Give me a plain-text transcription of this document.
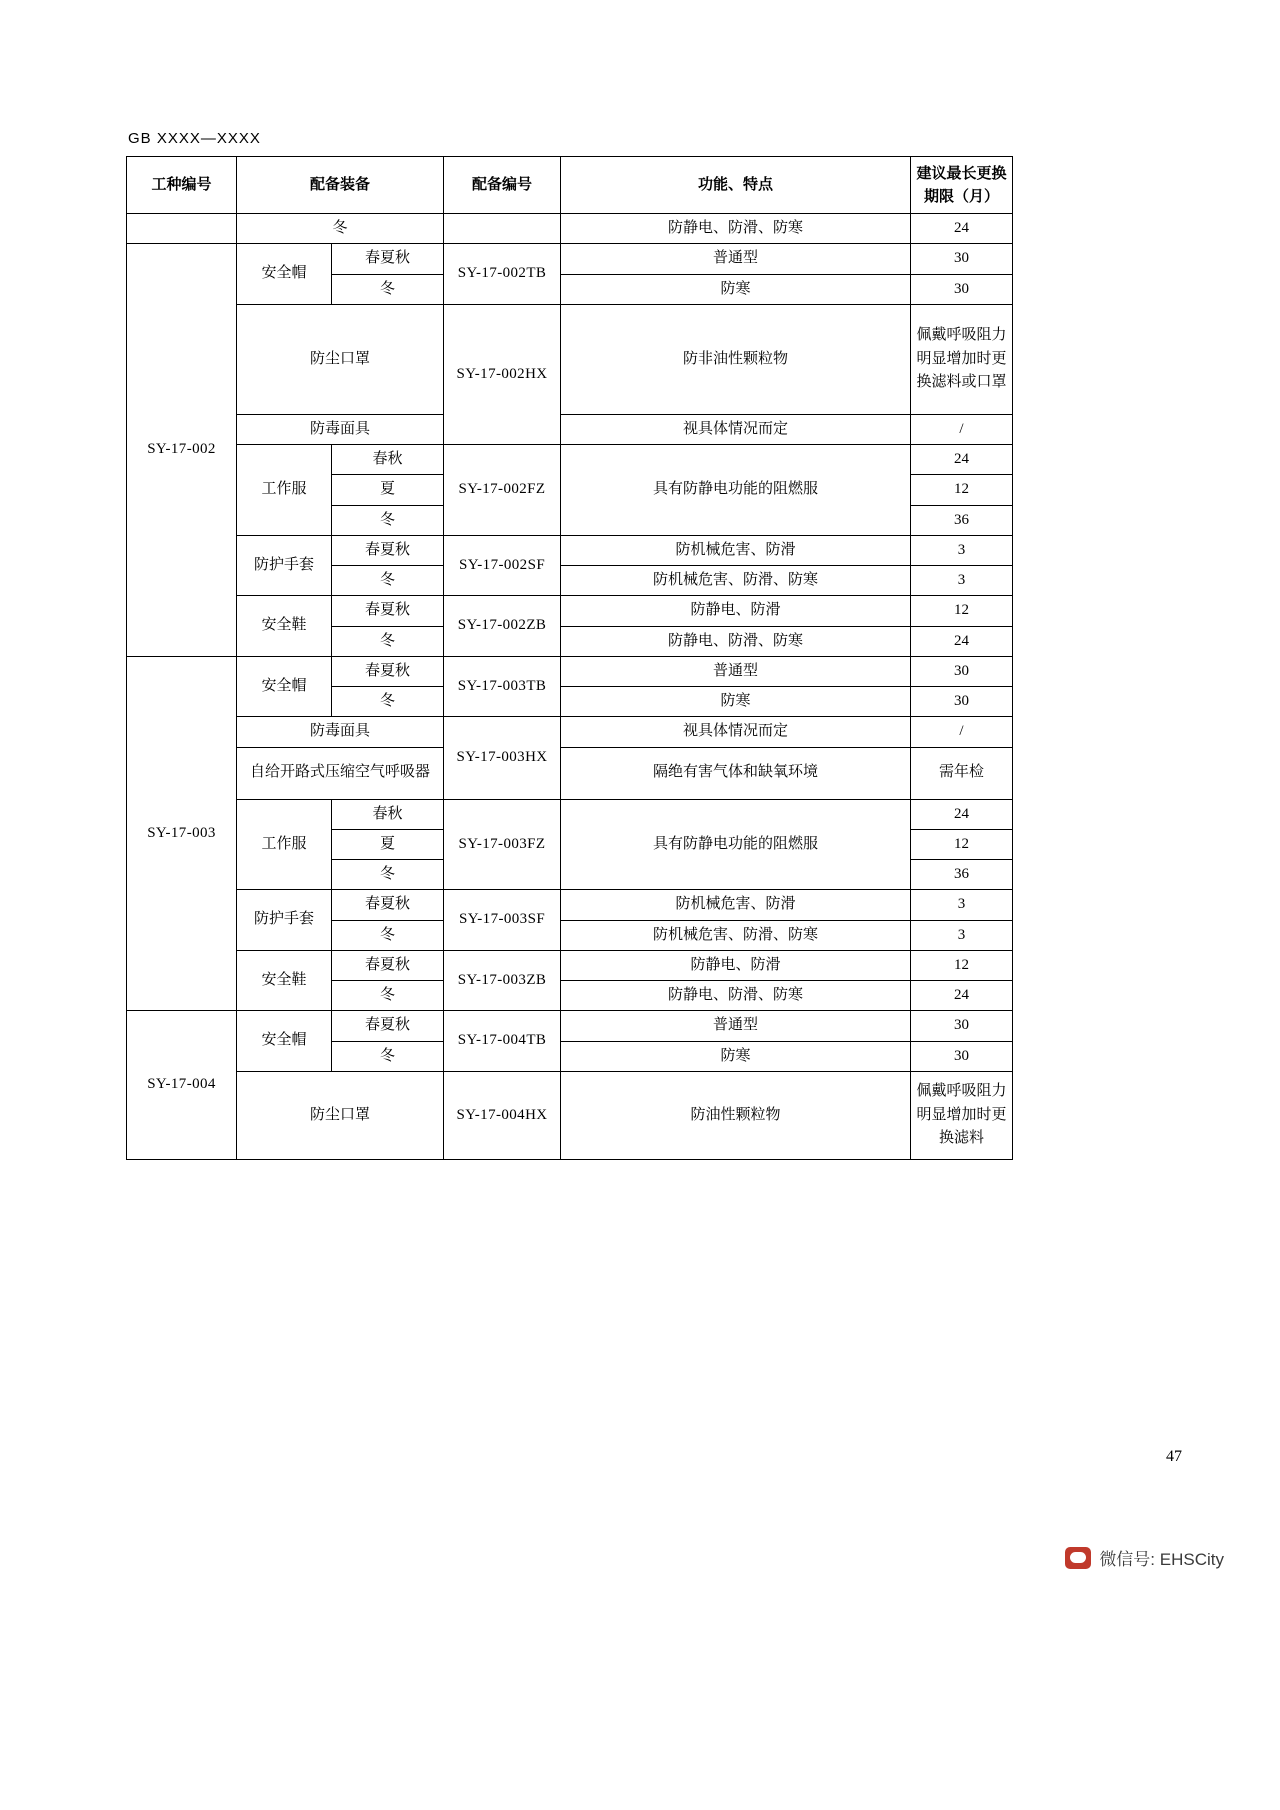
GB XXXX—XXXX
工种编号	配备装备		配备编号	功能、特点	建议最长更换期限（月）
	冬			防静电、防滑、防寒	24
SY-17-002	安全帽	春夏秋	SY-17-002TB	普通型	30
		冬		防寒	30
	防尘口罩		SY-17-002HX	防非油性颗粒物	佩戴呼吸阻力明显增加时更换滤料或口罩
	防毒面具			视具体情况而定	/
	工作服	春秋	SY-17-002FZ	具有防静电功能的阻燃服	24
		夏			12
		冬			36
	防护手套	春夏秋	SY-17-002SF	防机械危害、防滑	3
		冬		防机械危害、防滑、防寒	3
	安全鞋	春夏秋	SY-17-002ZB	防静电、防滑	12
		冬		防静电、防滑、防寒	24
SY-17-003	安全帽	春夏秋	SY-17-003TB	普通型	30
		冬		防寒	30
	防毒面具		SY-17-003HX	视具体情况而定	/
	自给开路式压缩空气呼吸器			隔绝有害气体和缺氧环境	需年检
	工作服	春秋	SY-17-003FZ	具有防静电功能的阻燃服	24
		夏			12
		冬			36
	防护手套	春夏秋	SY-17-003SF	防机械危害、防滑	3
		冬		防机械危害、防滑、防寒	3
	安全鞋	春夏秋	SY-17-003ZB	防静电、防滑	12
		冬		防静电、防滑、防寒	24
SY-17-004	安全帽	春夏秋	SY-17-004TB	普通型	30
		冬		防寒	30
	防尘口罩		SY-17-004HX	防油性颗粒物	佩戴呼吸阻力明显增加时更换滤料
47
微信号: EHSCity
